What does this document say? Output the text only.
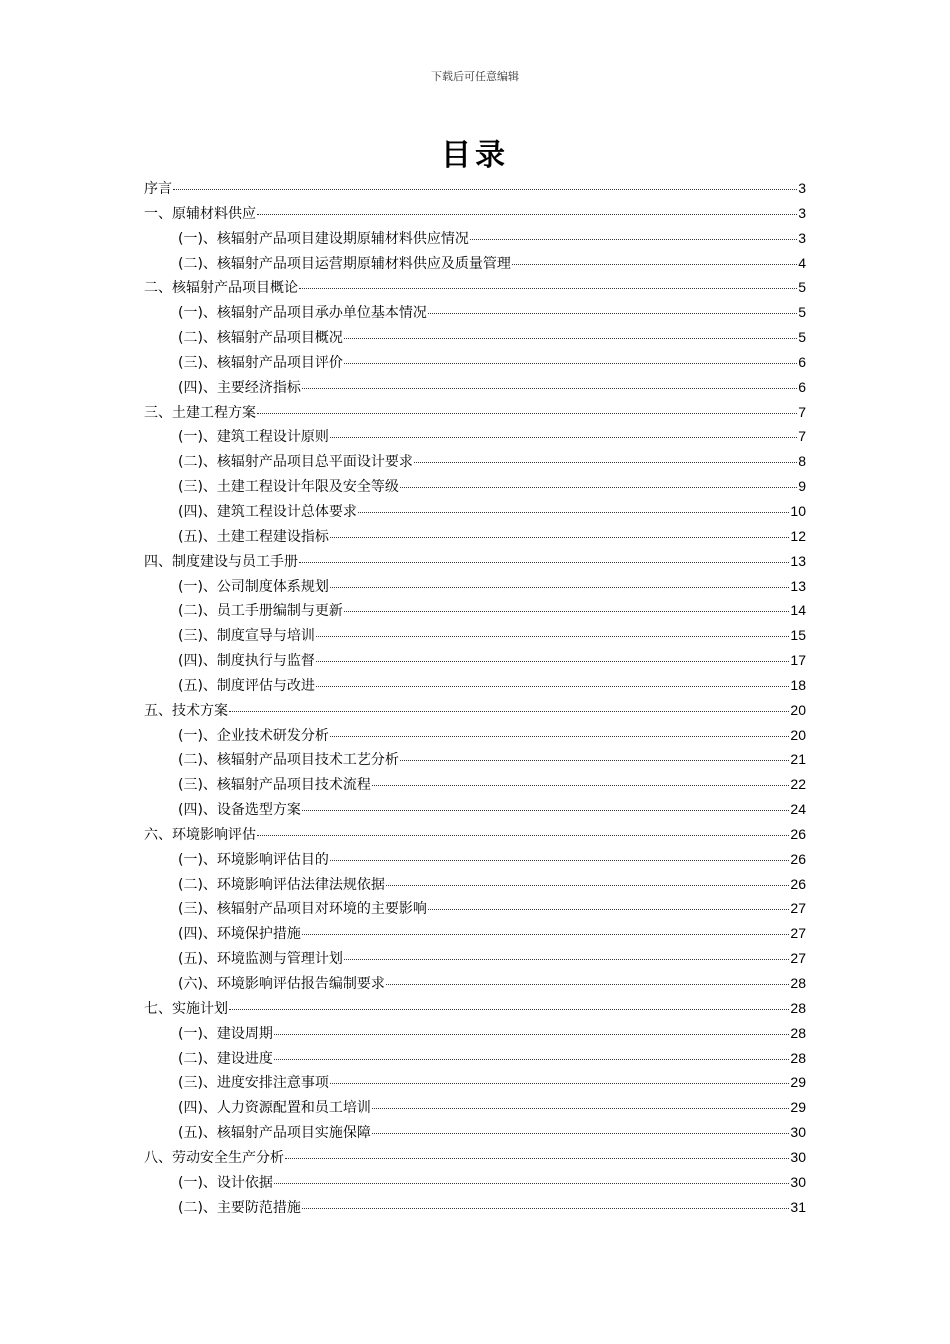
下载后可任意编辑
目录
序言	3
一、原辅材料供应	3
(一)、核辐射产品项目建设期原辅材料供应情况	3
(二)、核辐射产品项目运营期原辅材料供应及质量管理	4
二、核辐射产品项目概论	5
(一)、核辐射产品项目承办单位基本情况	5
(二)、核辐射产品项目概况	5
(三)、核辐射产品项目评价	6
(四)、主要经济指标	6
三、土建工程方案	7
(一)、建筑工程设计原则	7
(二)、核辐射产品项目总平面设计要求	8
(三)、土建工程设计年限及安全等级	9
(四)、建筑工程设计总体要求	10
(五)、土建工程建设指标	12
四、制度建设与员工手册	13
(一)、公司制度体系规划	13
(二)、员工手册编制与更新	14
(三)、制度宣导与培训	15
(四)、制度执行与监督	17
(五)、制度评估与改进	18
五、技术方案	20
(一)、企业技术研发分析	20
(二)、核辐射产品项目技术工艺分析	21
(三)、核辐射产品项目技术流程	22
(四)、设备选型方案	24
六、环境影响评估	26
(一)、环境影响评估目的	26
(二)、环境影响评估法律法规依据	26
(三)、核辐射产品项目对环境的主要影响	27
(四)、环境保护措施	27
(五)、环境监测与管理计划	27
(六)、环境影响评估报告编制要求	28
七、实施计划	28
(一)、建设周期	28
(二)、建设进度	28
(三)、进度安排注意事项	29
(四)、人力资源配置和员工培训	29
(五)、核辐射产品项目实施保障	30
八、劳动安全生产分析	30
(一)、设计依据	30
(二)、主要防范措施	31
